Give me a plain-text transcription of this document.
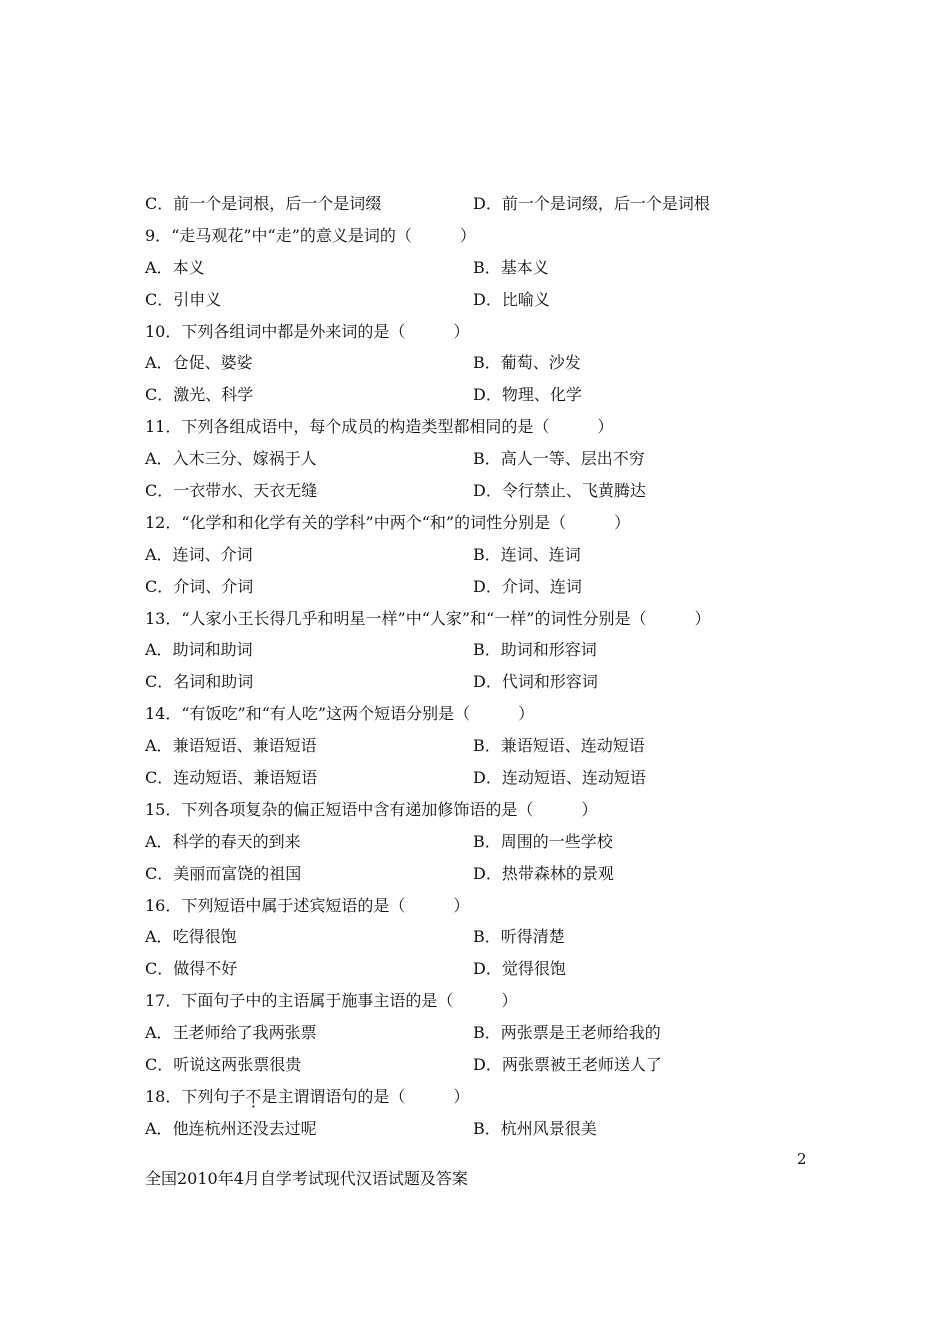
C．前一个是词根，后一个是词缀	D．前一个是词缀，后一个是词根
9．“走马观花”中“走”的意义是词的（　　　）
A．本义	B．基本义
C．引申义	D．比喻义
10．下列各组词中都是外来词的是（　　　）
A．仓促、婆娑	B．葡萄、沙发
C．激光、科学	D．物理、化学
11．下列各组成语中，每个成员的构造类型都相同的是（　　　）
A．入木三分、嫁祸于人	B．高人一等、层出不穷
C．一衣带水、天衣无缝	D．令行禁止、飞黄腾达
12．“化学和和化学有关的学科”中两个“和”的词性分别是（　　　）
A．连词、介词	B．连词、连词
C．介词、介词	D．介词、连词
13．“人家小王长得几乎和明星一样”中“人家”和“一样”的词性分别是（　　　）
A．助词和助词	B．助词和形容词
C．名词和助词	D．代词和形容词
14．“有饭吃”和“有人吃”这两个短语分别是（　　　）
A．兼语短语、兼语短语	B．兼语短语、连动短语
C．连动短语、兼语短语	D．连动短语、连动短语
15．下列各项复杂的偏正短语中含有递加修饰语的是（　　　）
A．科学的春天的到来	B．周围的一些学校
C．美丽而富饶的祖国	D．热带森林的景观
16．下列短语中属于述宾短语的是（　　　）
A．吃得很饱	B．听得清楚
C．做得不好	D．觉得很饱
17．下面句子中的主语属于施事主语的是（　　　）
A．王老师给了我两张票	B．两张票是王老师给我的
C．听说这两张票很贵	D．两张票被王老师送人了
18．下列句子不是主谓谓语句的是（　　　）
A．他连杭州还没去过呢	B．杭州风景很美
2
全国2010年4月自学考试现代汉语试题及答案
